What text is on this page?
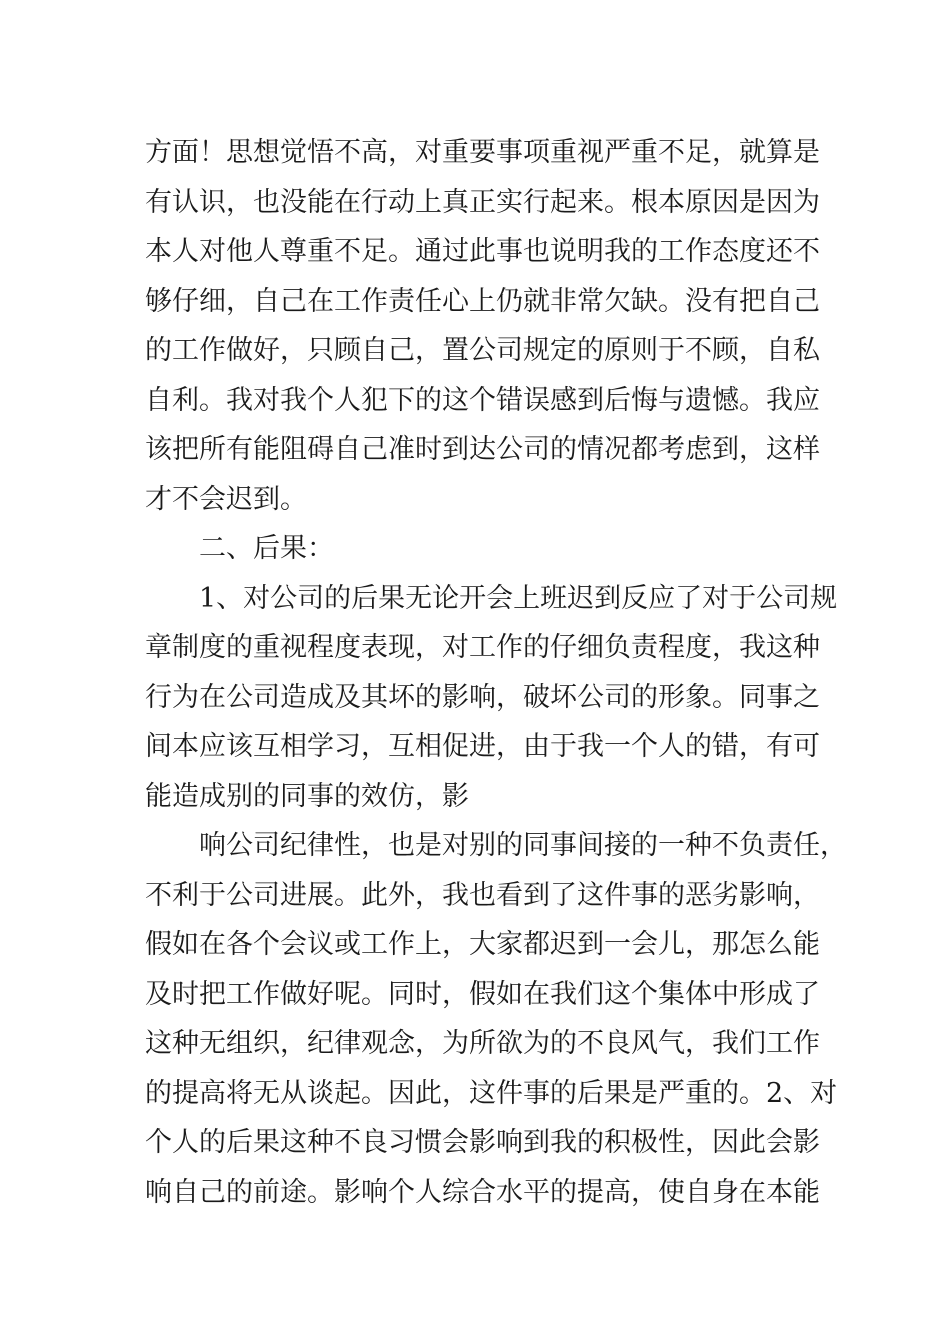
方面！思想觉悟不高，对重要事项重视严重不足，就算是
有认识，也没能在行动上真正实行起来。根本原因是因为
本人对他人尊重不足。通过此事也说明我的工作态度还不
够仔细，自己在工作责任心上仍就非常欠缺。没有把自己
的工作做好，只顾自己，置公司规定的原则于不顾，自私
自利。我对我个人犯下的这个错误感到后悔与遗憾。我应
该把所有能阻碍自己准时到达公司的情况都考虑到，这样
才不会迟到。
二、后果：
1、对公司的后果无论开会上班迟到反应了对于公司规
章制度的重视程度表现，对工作的仔细负责程度，我这种
行为在公司造成及其坏的影响，破坏公司的形象。同事之
间本应该互相学习，互相促进，由于我一个人的错，有可
能造成别的同事的效仿，影
响公司纪律性，也是对别的同事间接的一种不负责任，
不利于公司进展。此外，我也看到了这件事的恶劣影响，
假如在各个会议或工作上，大家都迟到一会儿，那怎么能
及时把工作做好呢。同时，假如在我们这个集体中形成了
这种无组织，纪律观念，为所欲为的不良风气，我们工作
的提高将无从谈起。因此，这件事的后果是严重的。2、对
个人的后果这种不良习惯会影响到我的积极性，因此会影
响自己的前途。影响个人综合水平的提高，使自身在本能
